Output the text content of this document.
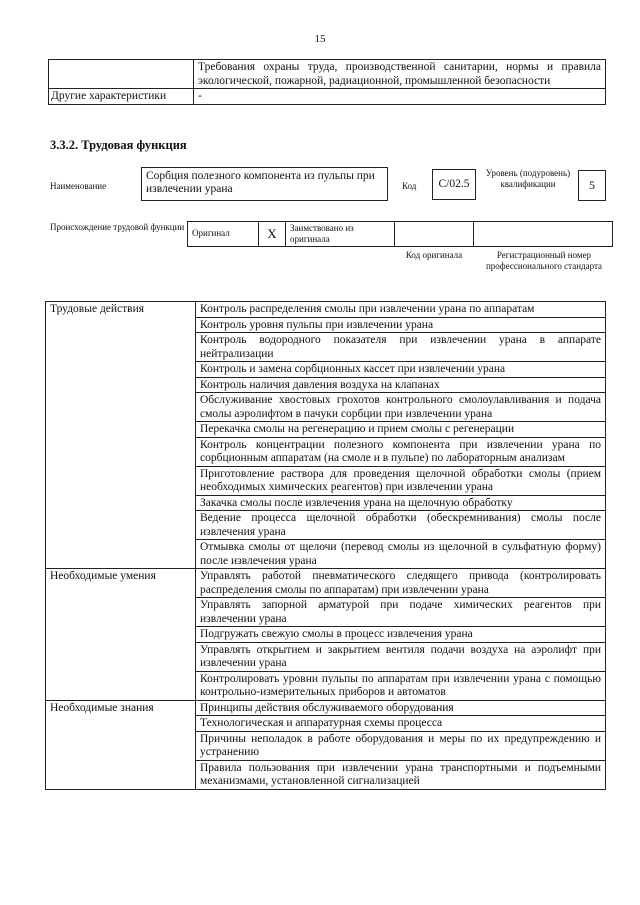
15
	Требования охраны труда, производственной санитарии, нормы и правила экологической, пожарной, радиационной, промышленной безопасности
Другие характеристики	-
3.3.2. Трудовая функция
Наименование
Сорбция полезного компонента из пульпы при извлечении урана	Код	C/02.5
Уровень (подуровень) квалификации	5
Происхождение трудовой функции
Оригинал	X	Заимствовано из оригинала		
Код оригинала	Регистрационный номер профессионального стандарта
Трудовые действия	Контроль распределения смолы при извлечении урана по аппаратам
	Контроль уровня пульпы при извлечении урана
	Контроль водородного показателя при извлечении урана в аппарате нейтрализации
	Контроль и замена сорбционных кассет при извлечении урана
	Контроль наличия давления воздуха на клапанах
	Обслуживание хвостовых грохотов контрольного смолоулавливания и подача смолы аэролифтом в пачуки сорбции при извлечении урана
	Перекачка смолы на регенерацию и прием смолы с регенерации
	Контроль концентрации полезного компонента при извлечении урана по сорбционным аппаратам (на смоле и в пульпе) по лабораторным анализам
	Приготовление раствора для проведения щелочной обработки смолы (прием необходимых химических реагентов) при извлечении урана
	Закачка смолы после извлечения урана на щелочную обработку
	Ведение процесса щелочной обработки (обескремнивания) смолы после извлечения урана
	Отмывка смолы от щелочи (перевод смолы из щелочной в сульфатную форму) после извлечения урана
Необходимые умения	Управлять работой пневматического следящего привода (контролировать распределения смолы по аппаратам) при извлечении урана
	Управлять запорной арматурой при подаче химических реагентов при извлечении урана
	Подгружать свежую смолы в процесс извлечения урана
	Управлять открытием и закрытием вентиля подачи воздуха на аэролифт при извлечении урана
	Контролировать уровни пульпы по аппаратам при извлечении урана с помощью контрольно-измерительных приборов и автоматов
Необходимые знания	Принципы действия обслуживаемого оборудования
	Технологическая и аппаратурная схемы процесса
	Причины неполадок в работе оборудования и меры по их предупреждению и устранению
	Правила пользования при извлечении урана транспортными и подъемными механизмами, установленной сигнализацией
